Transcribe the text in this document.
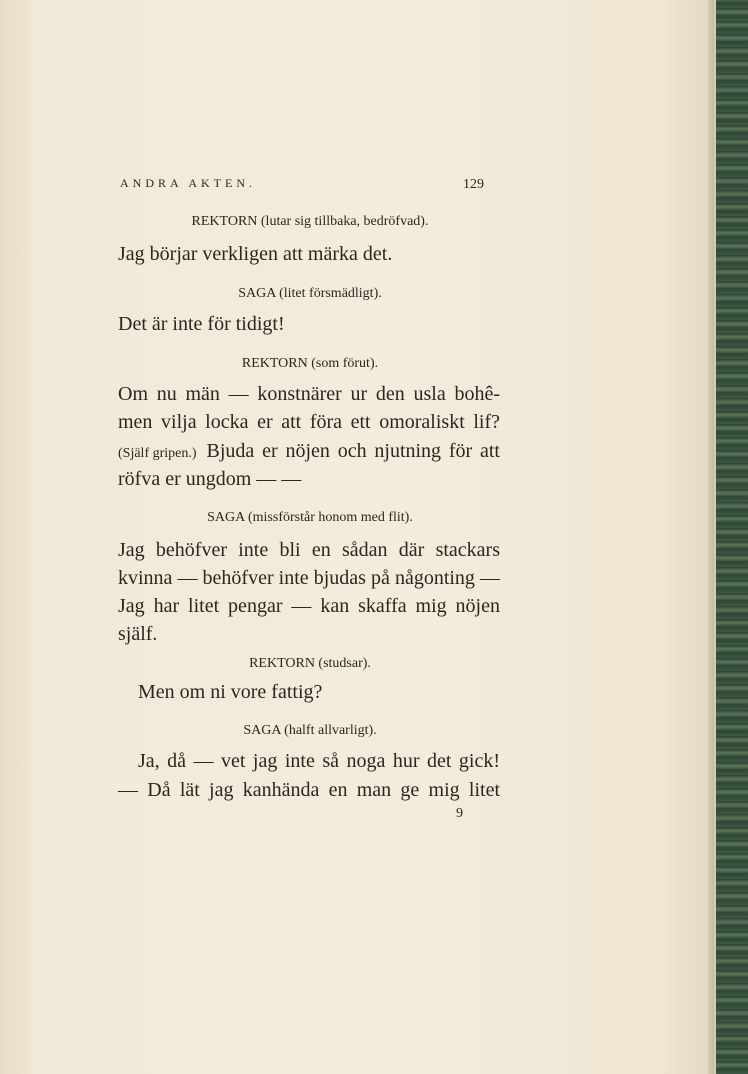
ANDRA AKTEN.	129
REKTORN (lutar sig tillbaka, bedröfvad).
Jag börjar verkligen att märka det.
SAGA (litet försmädligt).
Det är inte för tidigt!
REKTORN (som förut).
Om nu män — konstnärer ur den usla bohê-
men vilja locka er att föra ett omoraliskt lif?
(Själf gripen.) Bjuda er nöjen och njutning för att
röfva er ungdom — —
SAGA (missförstår honom med flit).
Jag behöfver inte bli en sådan där stackars
kvinna — behöfver inte bjudas på någonting —
Jag har litet pengar — kan skaffa mig nöjen
själf.
REKTORN (studsar).
Men om ni vore fattig?
SAGA (halft allvarligt).
Ja, då — vet jag inte så noga hur det gick!
— Då lät jag kanhända en man ge mig litet
9
